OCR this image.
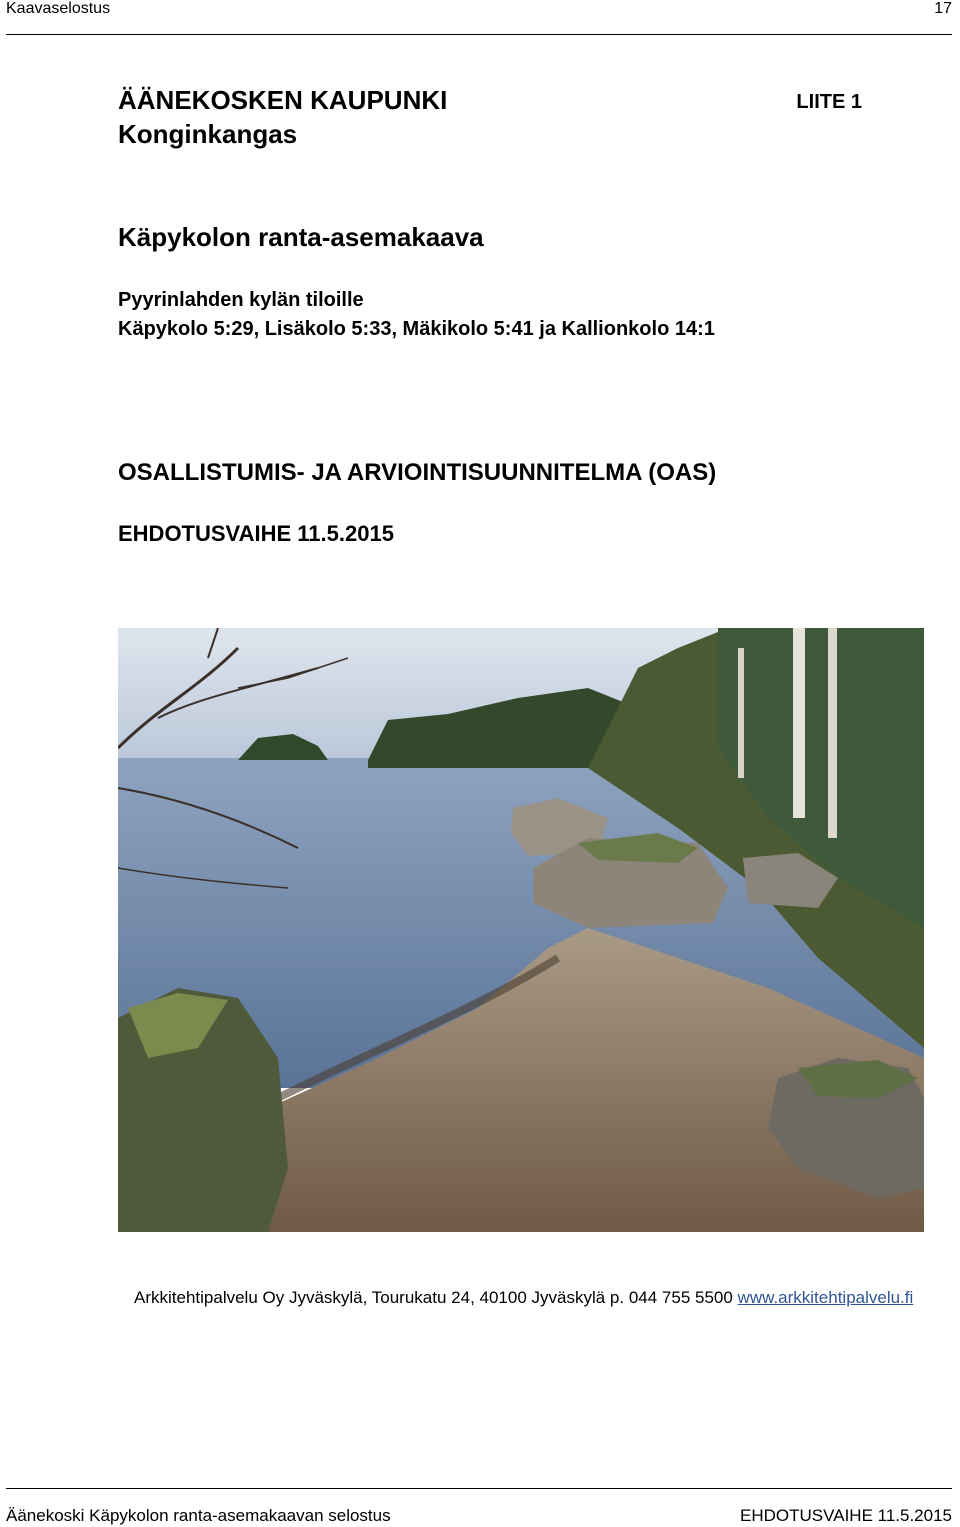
Kaavaselostus	17
ÄÄNEKOSKEN KAUPUNKI
Konginkangas
LIITE 1
Käpykolon ranta-asemakaava
Pyyrinlahden kylän tiloille
Käpykolo 5:29, Lisäkolo 5:33, Mäkikolo 5:41 ja Kallionkolo 14:1
OSALLISTUMIS- JA ARVIOINTISUUNNITELMA (OAS)
EHDOTUSVAIHE 11.5.2015
Arkkitehtipalvelu Oy Jyväskylä, Tourukatu 24, 40100 Jyväskylä p. 044 755 5500 www.arkkitehtipalvelu.fi
Äänekoski Käpykolon ranta-asemakaavan selostus	EHDOTUSVAIHE 11.5.2015
